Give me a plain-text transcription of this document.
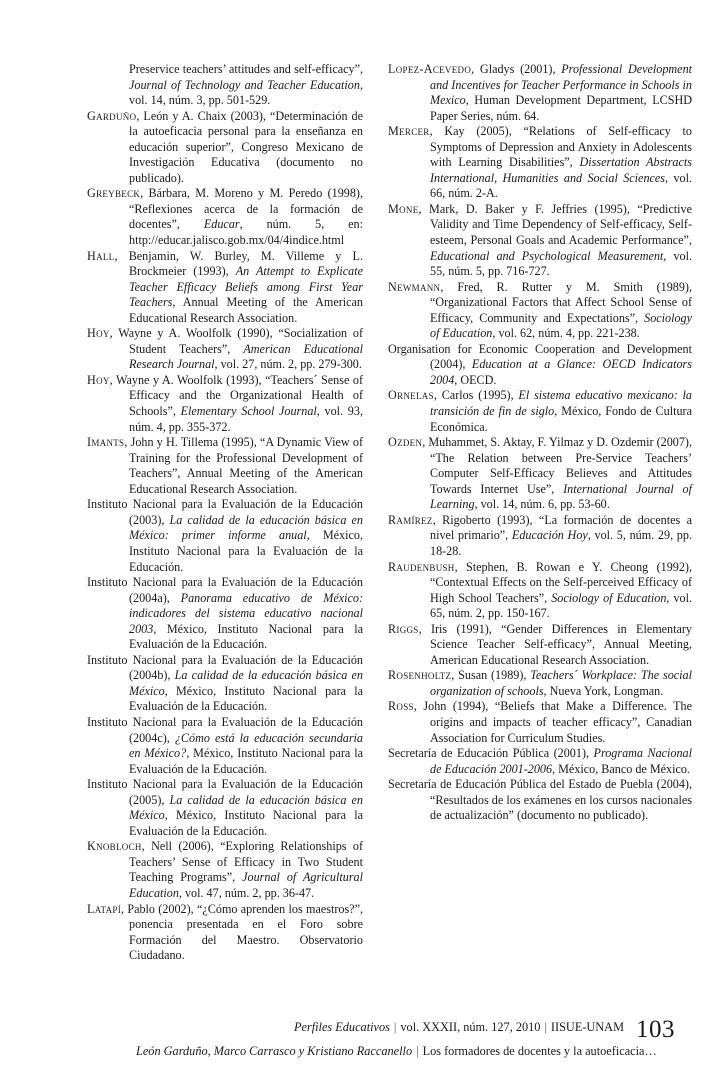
Preservice teachers’ attitudes and self-efficacy”, Journal of Technology and Teacher Education, vol. 14, núm. 3, pp. 501-529.

Garduño, León y A. Chaix (2003), “Determinación de la autoeficacia personal para la enseñanza en educación superior”, Congreso Mexicano de Investigación Educativa (documento no publicado).

Greybeck, Bárbara, M. Moreno y M. Peredo (1998), “Reflexiones acerca de la formación de docentes”, Educar, núm. 5, en: http://educar.jalisco.gob.mx/04/4indice.html

Hall, Benjamin, W. Burley, M. Villeme y L. Brockmeier (1993), An Attempt to Explicate Teacher Efficacy Beliefs among First Year Teachers, Annual Meeting of the American Educational Research Association.

Hoy, Wayne y A. Woolfolk (1990), “Socialization of Student Teachers”, American Educational Research Journal, vol. 27, núm. 2, pp. 279-300.

Hoy, Wayne y A. Woolfolk (1993), “Teachers´ Sense of Efficacy and the Organizational Health of Schools”, Elementary School Journal, vol. 93, núm. 4, pp. 355-372.

Imants, John y H. Tillema (1995), “A Dynamic View of Training for the Professional Development of Teachers”, Annual Meeting of the American Educational Research Association.

Instituto Nacional para la Evaluación de la Educación (2003), La calidad de la educación básica en México: primer informe anual, México, Instituto Nacional para la Evaluación de la Educación.

Instituto Nacional para la Evaluación de la Educación (2004a), Panorama educativo de México: indicadores del sistema educativo nacional 2003, México, Instituto Nacional para la Evaluación de la Educación.

Instituto Nacional para la Evaluación de la Educación (2004b), La calidad de la educación básica en México, México, Instituto Nacional para la Evaluación de la Educación.

Instituto Nacional para la Evaluación de la Educación (2004c), ¿Cómo está la educación secundaria en México?, México, Instituto Nacional para la Evaluación de la Educación.

Instituto Nacional para la Evaluación de la Educación (2005), La calidad de la educación básica en México, México, Instituto Nacional para la Evaluación de la Educación.

Knobloch, Nell (2006), “Exploring Relationships of Teachers’ Sense of Efficacy in Two Student Teaching Programs”, Journal of Agricultural Education, vol. 47, núm. 2, pp. 36-47.

Latapí, Pablo (2002), “¿Cómo aprenden los maestros?”, ponencia presentada en el Foro sobre Formación del Maestro. Observatorio Ciudadano.

Lopez-Acevedo, Gladys (2001), Professional Development and Incentives for Teacher Performance in Schools in Mexico, Human Development Department, LCSHD Paper Series, núm. 64.

Mercer, Kay (2005), “Relations of Self-efficacy to Symptoms of Depression and Anxiety in Adolescents with Learning Disabilities”, Dissertation Abstracts International, Humanities and Social Sciences, vol. 66, núm. 2-A.

Mone, Mark, D. Baker y F. Jeffries (1995), “Predictive Validity and Time Dependency of Self-efficacy, Self-esteem, Personal Goals and Academic Performance”, Educational and Psychological Measurement, vol. 55, núm. 5, pp. 716-727.

Newmann, Fred, R. Rutter y M. Smith (1989), “Organizational Factors that Affect School Sense of Efficacy, Community and Expectations”, Sociology of Education, vol. 62, núm. 4, pp. 221-238.

Organisation for Economic Cooperation and Development (2004), Education at a Glance: OECD Indicators 2004, OECD.

Ornelas, Carlos (1995), El sistema educativo mexicano: la transición de fin de siglo, México, Fondo de Cultura Económica.

Ozden, Muhammet, S. Aktay, F. Yilmaz y D. Ozdemir (2007), “The Relation between Pre-Service Teachers’ Computer Self-Efficacy Believes and Attitudes Towards Internet Use”, International Journal of Learning, vol. 14, núm. 6, pp. 53-60.

Ramírez, Rigoberto (1993), “La formación de docentes a nivel primario”, Educación Hoy, vol. 5, núm. 29, pp. 18-28.

Raudenbush, Stephen, B. Rowan e Y. Cheong (1992), “Contextual Effects on the Self-perceived Efficacy of High School Teachers”, Sociology of Education, vol. 65, núm. 2, pp. 150-167.

Riggs, Iris (1991), “Gender Differences in Elementary Science Teacher Self-efficacy”, Annual Meeting, American Educational Research Association.

Rosenholtz, Susan (1989), Teachers´ Workplace: The social organization of schools, Nueva York, Longman.

Ross, John (1994), “Beliefs that Make a Difference. The origins and impacts of teacher efficacy”, Canadian Association for Curriculum Studies.

Secretaría de Educación Pública (2001), Programa Nacional de Educación 2001-2006, México, Banco de México.

Secretaría de Educación Pública del Estado de Puebla (2004), “Resultados de los exámenes en los cursos nacionales de actualización” (documento no publicado).

Perfiles Educativos | vol. XXXII, núm. 127, 2010 | IISUE-UNAM
León Garduño, Marco Carrasco y Kristiano Raccanello | Los formadores de docentes y la autoeficacia…
103
